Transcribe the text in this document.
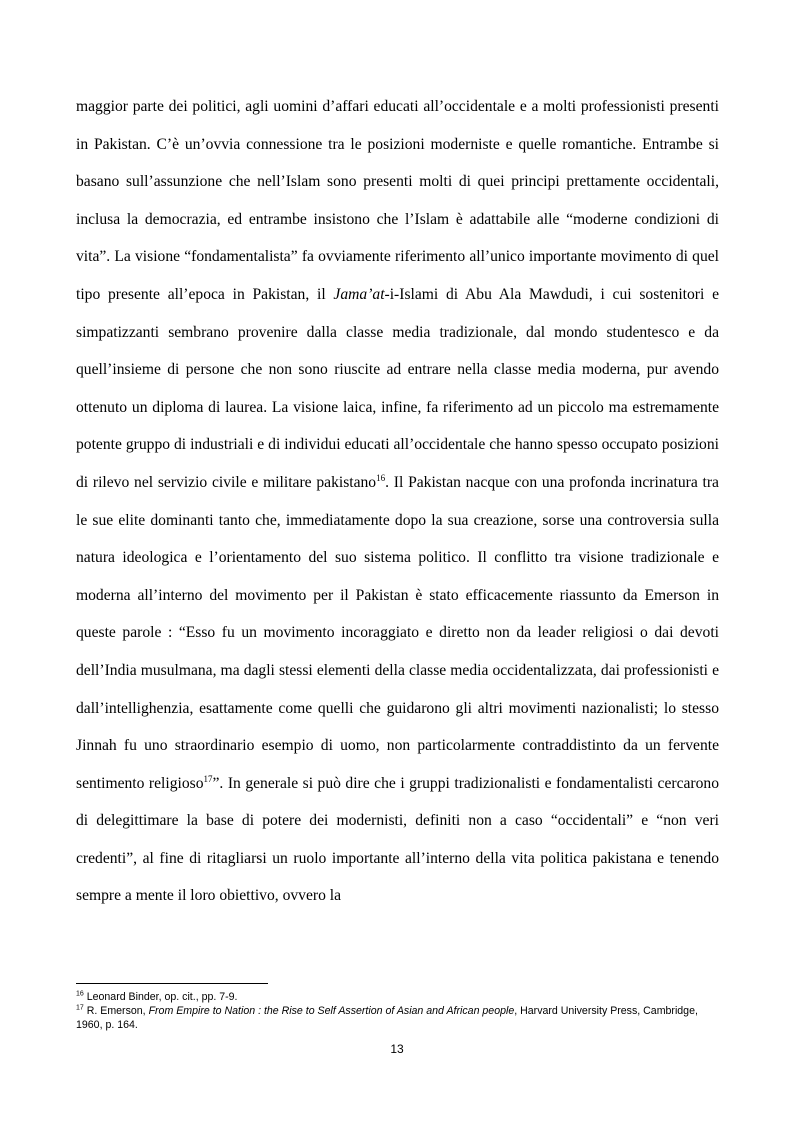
maggior parte dei politici, agli uomini d’affari educati all’occidentale e a molti professionisti presenti in Pakistan. C’è un’ovvia connessione tra le posizioni moderniste e quelle romantiche. Entrambe si basano sull’assunzione che nell’Islam sono presenti molti di quei principi prettamente occidentali, inclusa la democrazia, ed entrambe insistono che l’Islam è adattabile alle “moderne condizioni di vita”. La visione “fondamentalista” fa ovviamente riferimento all’unico importante movimento di quel tipo presente all’epoca in Pakistan, il Jama’at-i-Islami di Abu Ala Mawdudi, i cui sostenitori e simpatizzanti sembrano provenire dalla classe media tradizionale, dal mondo studentesco e da quell’insieme di persone che non sono riuscite ad entrare nella classe media moderna, pur avendo ottenuto un diploma di laurea. La visione laica, infine, fa riferimento ad un piccolo ma estremamente potente gruppo di industriali e di individui educati all’occidentale che hanno spesso occupato posizioni di rilevo nel servizio civile e militare pakistano$^{16}$. Il Pakistan nacque con una profonda incrinatura tra le sue elite dominanti tanto che, immediatamente dopo la sua creazione, sorse una controversia sulla natura ideologica e l’orientamento del suo sistema politico. Il conflitto tra visione tradizionale e moderna all’interno del movimento per il Pakistan è stato efficacemente riassunto da Emerson in queste parole : “Esso fu un movimento incoraggiato e diretto non da leader religiosi o dai devoti dell’India musulmana, ma dagli stessi elementi della classe media occidentalizzata, dai professionisti e dall’intellighenzia, esattamente come quelli che guidarono gli altri movimenti nazionalisti; lo stesso Jinnah fu uno straordinario esempio di uomo, non particolarmente contraddistinto da un fervente sentimento religioso$^{17}$”. In generale si può dire che i gruppi tradizionalisti e fondamentalisti cercarono di delegittimare la base di potere dei modernisti, definiti non a caso “occidentali” e “non veri credenti”, al fine di ritagliarsi un ruolo importante all’interno della vita politica pakistana e tenendo sempre a mente il loro obiettivo, ovvero la

$^{16}$ Leonard Binder, op. cit., pp. 7-9.

$^{17}$ R. Emerson, From Empire to Nation : the Rise to Self Assertion of Asian and African people, Harvard University Press, Cambridge, 1960, p. 164.

13
